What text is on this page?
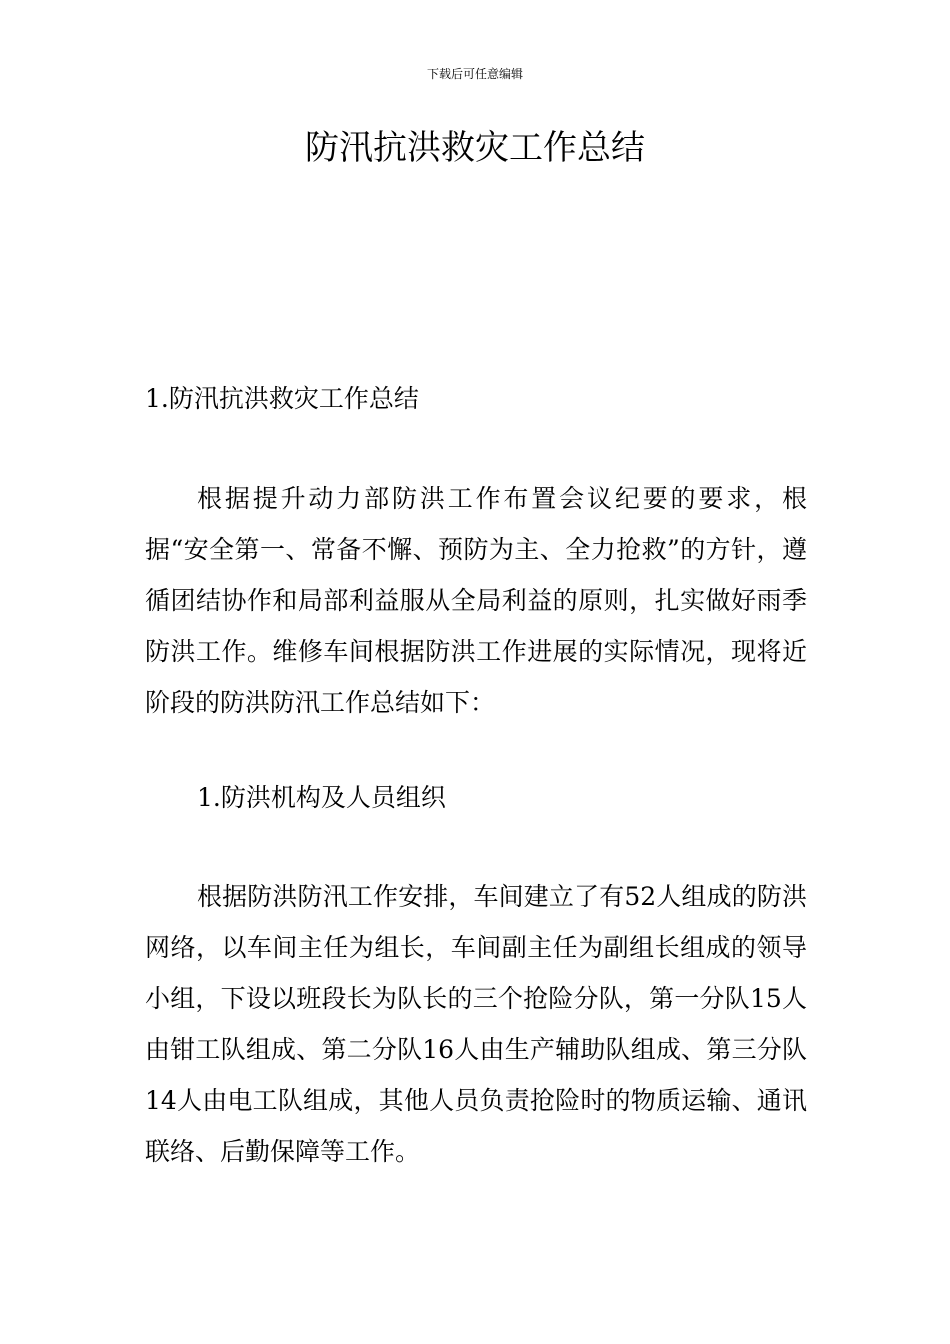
下载后可任意编辑
防汛抗洪救灾工作总结
1.防汛抗洪救灾工作总结

根据提升动力部防洪工作布置会议纪要的要求，根据“安全第一、常备不懈、预防为主、全力抢救”的方针，遵循团结协作和局部利益服从全局利益的原则，扎实做好雨季防洪工作。维修车间根据防洪工作进展的实际情况，现将近阶段的防洪防汛工作总结如下：

1.防洪机构及人员组织

根据防洪防汛工作安排，车间建立了有52人组成的防洪网络，以车间主任为组长，车间副主任为副组长组成的领导小组，下设以班段长为队长的三个抢险分队，第一分队15人由钳工队组成、第二分队16人由生产辅助队组成、第三分队14人由电工队组成，其他人员负责抢险时的物质运输、通讯联络、后勤保障等工作。
